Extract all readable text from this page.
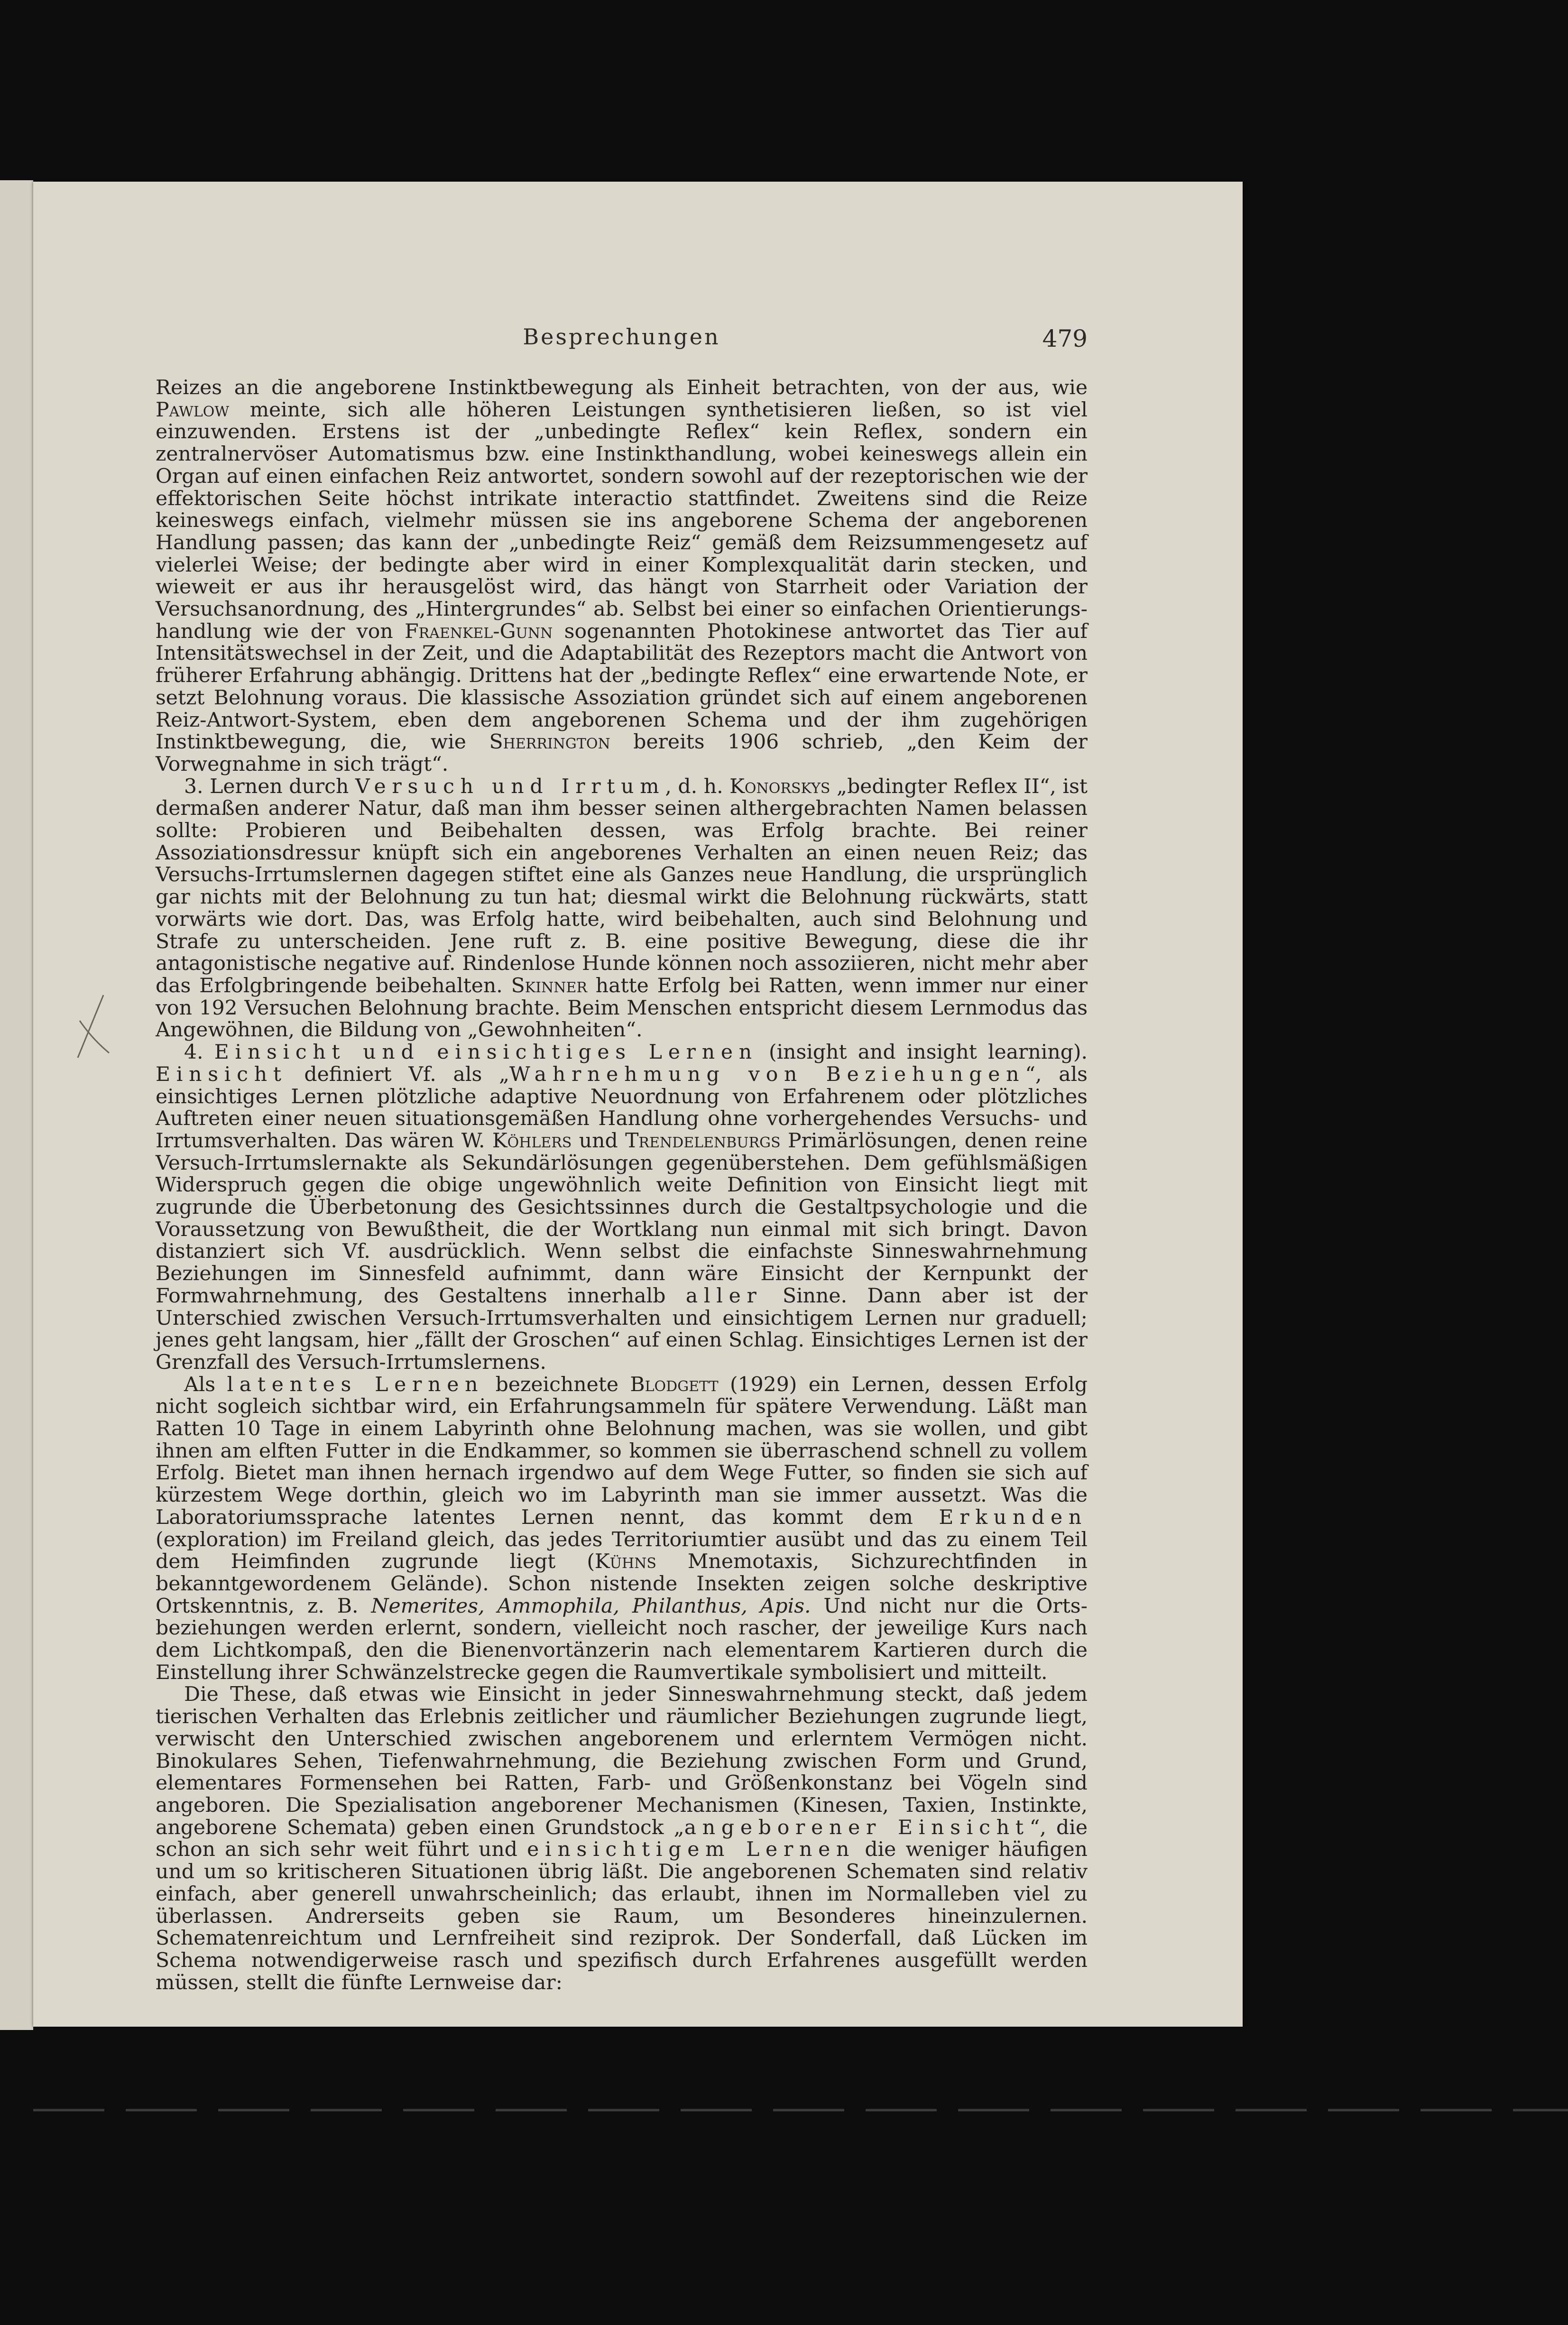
Besprechungen	479

Reizes an die angeborene Instinktbewegung als Einheit betrachten, von der aus, wie Pawlow meinte, sich alle höheren Leistungen synthetisieren ließen, so ist viel einzuwenden. Erstens ist der „unbedingte Reflex“ kein Reflex, sondern ein zentralnervöser Automatismus bzw. eine Instinkthandlung, wobei keineswegs allein ein Organ auf einen einfachen Reiz antwortet, sondern sowohl auf der rezeptorischen wie der effektorischen Seite höchst intrikate interactio stattfindet. Zweitens sind die Reize keineswegs einfach, vielmehr müssen sie ins angeborene Schema der angeborenen Handlung passen; das kann der „unbedingte Reiz“ gemäß dem Reizsummengesetz auf vielerlei Weise; der bedingte aber wird in einer Komplexqualität darin stecken, und wieweit er aus ihr herausgelöst wird, das hängt von Starrheit oder Variation der Versuchsanordnung, des „Hintergrundes“ ab. Selbst bei einer so einfachen Orientierungshandlung wie der von Fraenkel-Gunn sogenannten Photokinese antwortet das Tier auf Intensitätswechsel in der Zeit, und die Adaptabilität des Rezeptors macht die Antwort von früherer Erfahrung abhängig. Drittens hat der „bedingte Reflex“ eine erwartende Note, er setzt Belohnung voraus. Die klassische Assoziation gründet sich auf einem angeborenen Reiz-Antwort-System, eben dem angeborenen Schema und der ihm zugehörigen Instinktbewegung, die, wie Sherrington bereits 1906 schrieb, „den Keim der Vorwegnahme in sich trägt“.

3. Lernen durch Versuch und Irrtum, d. h. Konorskys „bedingter Reflex II“, ist dermaßen anderer Natur, daß man ihm besser seinen althergebrachten Namen belassen sollte: Probieren und Beibehalten dessen, was Erfolg brachte. Bei reiner Assoziationsdressur knüpft sich ein angeborenes Verhalten an einen neuen Reiz; das Versuchs-Irrtumslernen dagegen stiftet eine als Ganzes neue Handlung, die ursprünglich gar nichts mit der Belohnung zu tun hat; diesmal wirkt die Belohnung rückwärts, statt vorwärts wie dort. Das, was Erfolg hatte, wird beibehalten, auch sind Belohnung und Strafe zu unterscheiden. Jene ruft z. B. eine positive Bewegung, diese die ihr antagonistische negative auf. Rindenlose Hunde können noch assoziieren, nicht mehr aber das Erfolgbringende beibehalten. Skinner hatte Erfolg bei Ratten, wenn immer nur einer von 192 Versuchen Belohnung brachte. Beim Menschen entspricht diesem Lernmodus das Angewöhnen, die Bildung von „Gewohnheiten“.

4. Einsicht und einsichtiges Lernen (insight and insight learning). Einsicht definiert Vf. als „Wahrnehmung von Beziehungen“, als einsichtiges Lernen plötzliche adaptive Neuordnung von Erfahrenem oder plötzliches Auftreten einer neuen situationsgemäßen Handlung ohne vorhergehendes Versuchs- und Irrtumsverhalten. Das wären W. Köhlers und Trendelenburgs Primärlösungen, denen reine Versuch-Irrtumslernakte als Sekundärlösungen gegenüberstehen. Dem gefühlsmäßigen Widerspruch gegen die obige ungewöhnlich weite Definition von Einsicht liegt mit zugrunde die Überbetonung des Gesichtssinnes durch die Gestaltpsychologie und die Voraussetzung von Bewußtheit, die der Wortklang nun einmal mit sich bringt. Davon distanziert sich Vf. ausdrücklich. Wenn selbst die einfachste Sinneswahrnehmung Beziehungen im Sinnesfeld aufnimmt, dann wäre Einsicht der Kernpunkt der Formwahrnehmung, des Gestaltens innerhalb aller Sinne. Dann aber ist der Unterschied zwischen Versuch-Irrtumsverhalten und einsichtigem Lernen nur graduell; jenes geht langsam, hier „fällt der Groschen“ auf einen Schlag. Einsichtiges Lernen ist der Grenzfall des Versuch-Irrtumslernens.

Als latentes Lernen bezeichnete Blodgett (1929) ein Lernen, dessen Erfolg nicht sogleich sichtbar wird, ein Erfahrungsammeln für spätere Verwendung. Läßt man Ratten 10 Tage in einem Labyrinth ohne Belohnung machen, was sie wollen, und gibt ihnen am elften Futter in die Endkammer, so kommen sie überraschend schnell zu vollem Erfolg. Bietet man ihnen hernach irgendwo auf dem Wege Futter, so finden sie sich auf kürzestem Wege dorthin, gleich wo im Labyrinth man sie immer aussetzt. Was die Laboratoriumssprache latentes Lernen nennt, das kommt dem Erkunden (exploration) im Freiland gleich, das jedes Territoriumtier ausübt und das zu einem Teil dem Heimfinden zugrunde liegt (Kühns Mnemotaxis, Sichzurechtfinden in bekanntgewordenem Gelände). Schon nistende Insekten zeigen solche deskriptive Ortskenntnis, z. B. Nemerites, Ammophila, Philanthus, Apis. Und nicht nur die Ortsbeziehungen werden erlernt, sondern, vielleicht noch rascher, der jeweilige Kurs nach dem Lichtkompaß, den die Bienenvortänzerin nach elementarem Kartieren durch die Einstellung ihrer Schwänzelstrecke gegen die Raumvertikale symbolisiert und mitteilt.

Die These, daß etwas wie Einsicht in jeder Sinneswahrnehmung steckt, daß jedem tierischen Verhalten das Erlebnis zeitlicher und räumlicher Beziehungen zugrunde liegt, verwischt den Unterschied zwischen angeborenem und erlerntem Vermögen nicht. Binokulares Sehen, Tiefenwahrnehmung, die Beziehung zwischen Form und Grund, elementares Formensehen bei Ratten, Farb- und Größenkonstanz bei Vögeln sind angeboren. Die Spezialisation angeborener Mechanismen (Kinesen, Taxien, Instinkte, angeborene Schemata) geben einen Grundstock „angeborener Einsicht“, die schon an sich sehr weit führt und einsichtigem Lernen die weniger häufigen und um so kritischeren Situationen übrig läßt. Die angeborenen Schematen sind relativ einfach, aber generell unwahrscheinlich; das erlaubt, ihnen im Normalleben viel zu überlassen. Andrerseits geben sie Raum, um Besonderes hineinzulernen. Schematenreichtum und Lernfreiheit sind reziprok. Der Sonderfall, daß Lücken im Schema notwendigerweise rasch und spezifisch durch Erfahrenes ausgefüllt werden müssen, stellt die fünfte Lernweise dar:
